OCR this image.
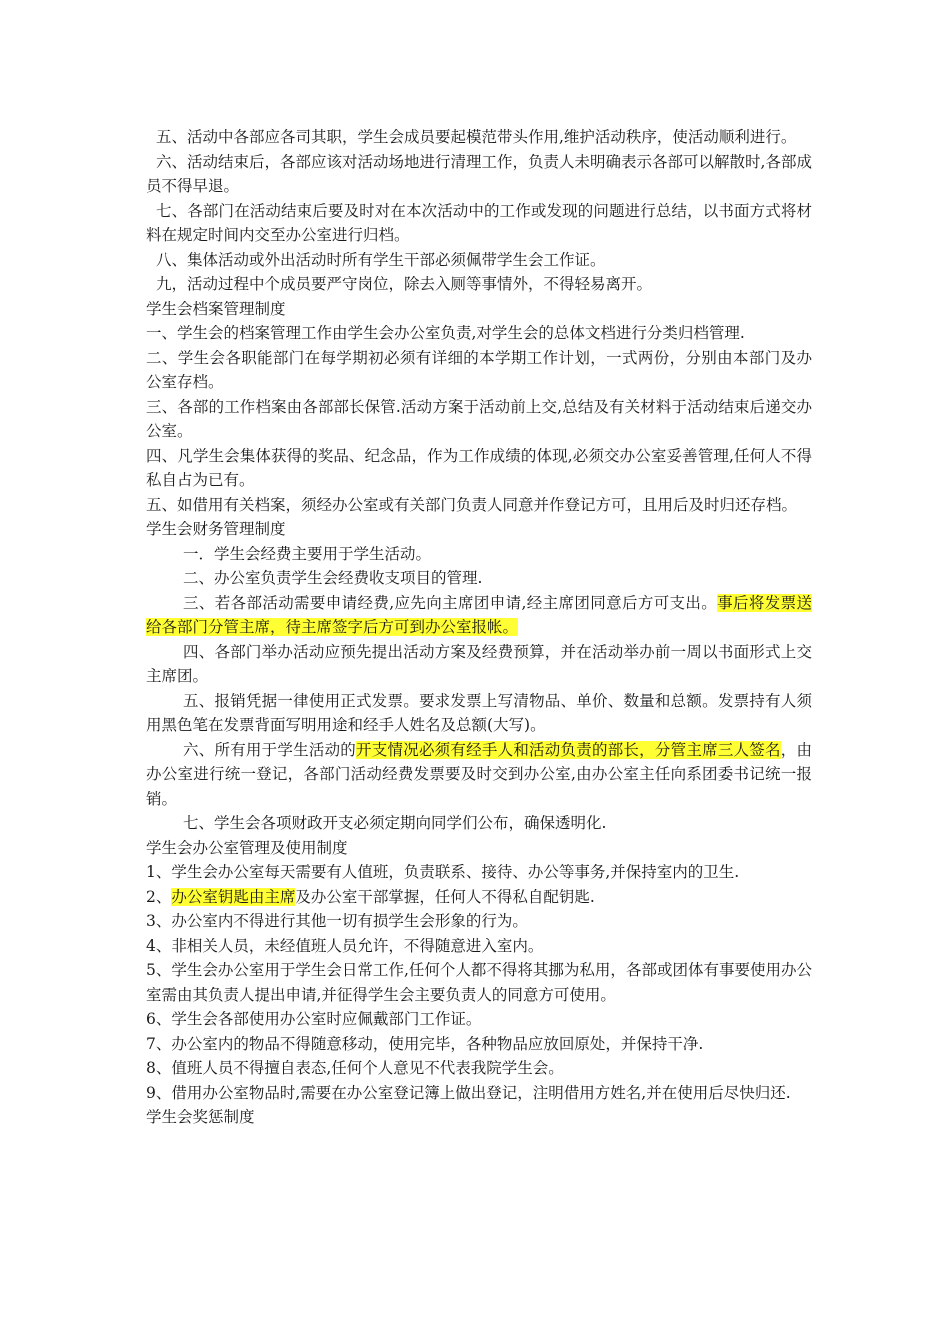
五、活动中各部应各司其职，学生会成员要起模范带头作用,维护活动秩序，使活动顺利进行。

六、活动结束后，各部应该对活动场地进行清理工作，负责人未明确表示各部可以解散时,各部成员不得早退。

七、各部门在活动结束后要及时对在本次活动中的工作或发现的问题进行总结，以书面方式将材料在规定时间内交至办公室进行归档。

八、集体活动或外出活动时所有学生干部必须佩带学生会工作证。

九，活动过程中个成员要严守岗位，除去入厕等事情外，不得轻易离开。

学生会档案管理制度

一、学生会的档案管理工作由学生会办公室负责,对学生会的总体文档进行分类归档管理.

二、学生会各职能部门在每学期初必须有详细的本学期工作计划，一式两份，分别由本部门及办公室存档。

三、各部的工作档案由各部部长保管.活动方案于活动前上交,总结及有关材料于活动结束后递交办公室。

四、凡学生会集体获得的奖品、纪念品，作为工作成绩的体现,必须交办公室妥善管理,任何人不得私自占为已有。

五、如借用有关档案，须经办公室或有关部门负责人同意并作登记方可，且用后及时归还存档。

学生会财务管理制度

一．学生会经费主要用于学生活动。

二、办公室负责学生会经费收支项目的管理.

三、若各部活动需要申请经费,应先向主席团申请,经主席团同意后方可支出。事后将发票送给各部门分管主席，待主席签字后方可到办公室报帐。

四、各部门举办活动应预先提出活动方案及经费预算，并在活动举办前一周以书面形式上交主席团。

五、报销凭据一律使用正式发票。要求发票上写清物品、单价、数量和总额。发票持有人须用黑色笔在发票背面写明用途和经手人姓名及总额(大写)。

六、所有用于学生活动的开支情况必须有经手人和活动负责的部长，分管主席三人签名，由办公室进行统一登记，各部门活动经费发票要及时交到办公室,由办公室主任向系团委书记统一报销。

七、学生会各项财政开支必须定期向同学们公布，确保透明化.

学生会办公室管理及使用制度

1、学生会办公室每天需要有人值班，负责联系、接待、办公等事务,并保持室内的卫生.

2、办公室钥匙由主席及办公室干部掌握，任何人不得私自配钥匙.

3、办公室内不得进行其他一切有损学生会形象的行为。

4、非相关人员，未经值班人员允许，不得随意进入室内。

5、学生会办公室用于学生会日常工作,任何个人都不得将其挪为私用，各部或团体有事要使用办公室需由其负责人提出申请,并征得学生会主要负责人的同意方可使用。

6、学生会各部使用办公室时应佩戴部门工作证。

7、办公室内的物品不得随意移动，使用完毕，各种物品应放回原处，并保持干净.

8、值班人员不得擅自表态,任何个人意见不代表我院学生会。

9、借用办公室物品时,需要在办公室登记簿上做出登记，注明借用方姓名,并在使用后尽快归还.

学生会奖惩制度
